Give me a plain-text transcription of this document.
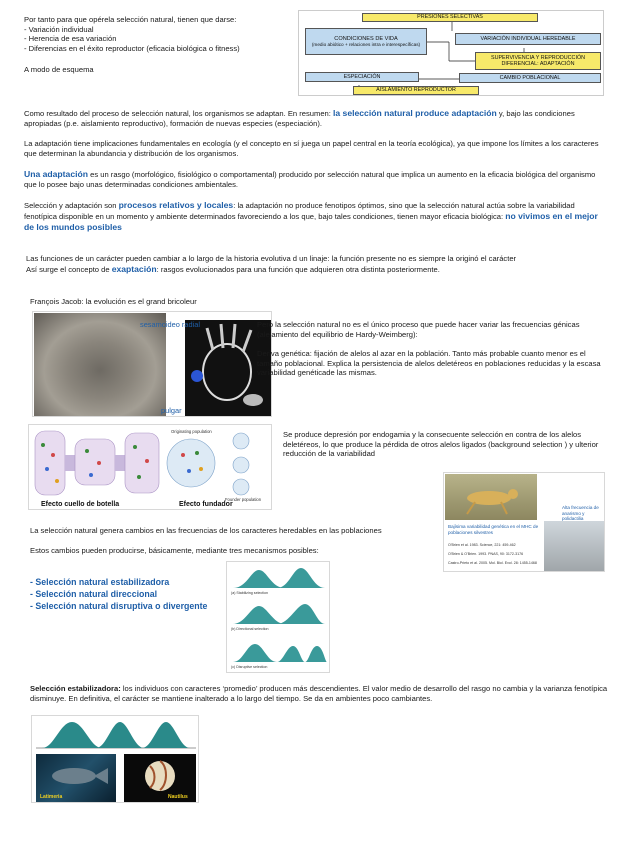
Por tanto para que opérela selección natural, tienen que darse:
- Variación individual
- Herencia de esa variación
- Diferencias en el éxito reproductor (eficacia biológica o fitness)
A modo de esquema
PRESIONES SELECTIVAS
CONDICIONES DE VIDA
(medio abiótico + relaciones intra e interespecíficas)
VARIACIÓN INDIVIDUAL HEREDABLE
SUPERVIVENCIA Y REPRODUCCIÓN DIFERENCIAL: ADAPTACIÓN
ESPECIACIÓN	CAMBIO POBLACIONAL
AISLAMIENTO REPRODUCTOR
Como resultado del proceso de selección natural, los organismos se adaptan. En resumen: la selección natural produce adaptación y, bajo las condiciones apropiadas (p.e. aislamiento reproductivo), formación de nuevas especies (especiación).
La adaptación tiene implicaciones fundamentales en ecología (y el concepto en sí juega un papel central en la teoría ecológica), ya que impone los límites a los caracteres que determinan la abundancia y distribución de los organismos.
Una adaptación es un rasgo (morfológico, fisiológico o comportamental) producido por selección natural que implica un aumento en la eficacia biológica del organismo que lo posee bajo unas determinadas condiciones ambientales.
Selección y adaptación son procesos relativos y locales: la adaptación no produce fenotipos óptimos, sino que la selección natural actúa sobre la variabilidad fenotípica disponible en un momento y ambiente determinados favoreciendo a los que, bajo tales condiciones, tienen mayor eficacia biológica: no vivimos en el mejor de los mundos posibles
Las funciones de un carácter pueden cambiar a lo largo de la historia evolutiva d un linaje: la función presente no es siempre la originó el carácter
Así surge el concepto de exaptación: rasgos evolucionados para una función que adquieren otra distinta posteriormente.
François Jacob: la evolución es el grand bricoleur
sesamoideo radial
pulgar
Pero la selección natural no es el único proceso que puede hacer variar las frecuencias génicas (alejamiento del equilibrio de Hardy-Weimberg):
Deriva genética: fijación de alelos al azar en la población. Tanto más probable cuanto menor es el tamaño poblacional. Explica la persistencia de alelos deletéreos en poblaciones reducidas y la escasa variabilidad genéticade las mismas.
Originating population
Founder population
Efecto cuello de botella	Efecto fundador
Se produce depresión por endogamia y la consecuente selección en contra de los alelos deletéreos, lo que produce la pérdida de otros alelos ligados (background selection ) y ulterior reducción de la variabilidad
Alta frecuencia de anarismo y polidactilia
Bajísima variabilidad genética en el MHC de poblaciones silvestres
O'Brien et al. 1983. Science, 221: 459-462
O'Brien & O'Brien. 1993. PNAS, 90: 3172-3176
Castro-Prieto et al. 2005. Mol. Biol. Evol. 28: 1455-1468
La selección natural genera cambios en las frecuencias de los caracteres heredables en las poblaciones
Estos cambios pueden producirse, básicamente, mediante tres mecanismos posibles:
- Selección natural estabilizadora
- Selección natural direccional
- Selección natural disruptiva o divergente
(a) Stabilizing selection
(b) Directional selection
(c) Disruptive selection
Selección estabilizadora: los individuos con caracteres ‘promedio’ producen más descendientes. El valor medio de desarrollo del rasgo no cambia y la varianza fenotípica disminuye. En definitiva, el carácter se mantiene inalterado a lo largo del tiempo. Se da en ambientes poco cambiantes.
Latimeria	Nautilus
